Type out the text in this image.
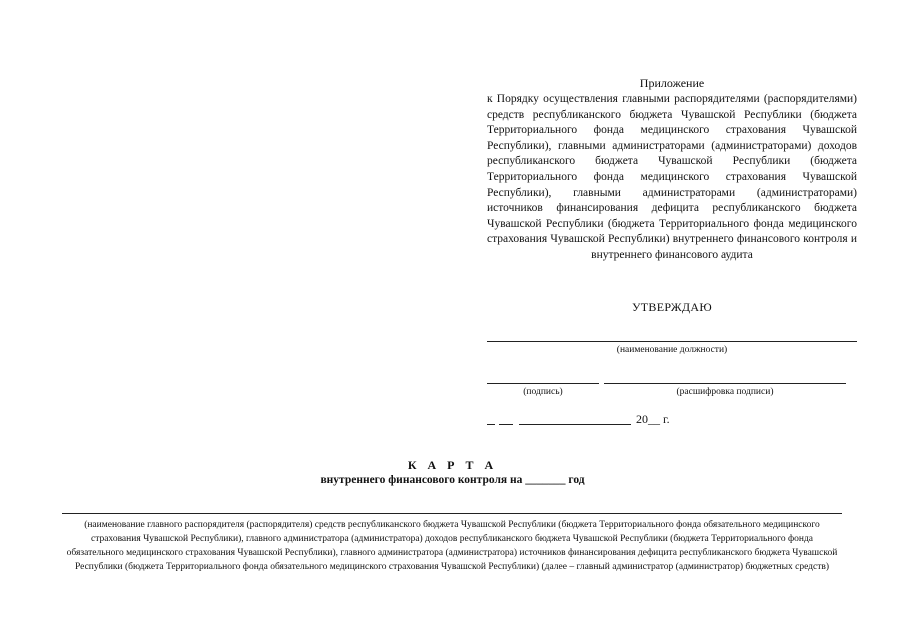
Приложение
к Порядку осуществления главными распорядителями (распорядителями) средств республиканского бюджета Чувашской Республики (бюджета Территориального фонда медицинского страхования Чувашской Республики), главными администраторами (администраторами) доходов республиканского бюджета Чувашской Республики (бюджета Территориального фонда медицинского страхования Чувашской Республики), главными администраторами (администраторами) источников финансирования дефицита республиканского бюджета Чувашской Республики (бюджета Территориального фонда медицинского страхования Чувашской Республики) внутреннего финансового контроля и внутреннего финансового аудита
УТВЕРЖДАЮ
(наименование должности)
(подпись)	(расшифровка подписи)
20__ г.
К А Р Т А
внутреннего финансового контроля на _______ год
(наименование главного распорядителя (распорядителя) средств республиканского бюджета Чувашской Республики (бюджета Территориального фонда обязательного медицинского страхования Чувашской Республики), главного администратора (администратора) доходов республиканского бюджета Чувашской Республики (бюджета Территориального фонда обязательного медицинского страхования Чувашской Республики), главного администратора (администратора) источников финансирования дефицита республиканского бюджета Чувашской Республики (бюджета Территориального фонда обязательного медицинского страхования Чувашской Республики) (далее – главный администратор (администратор) бюджетных средств)
